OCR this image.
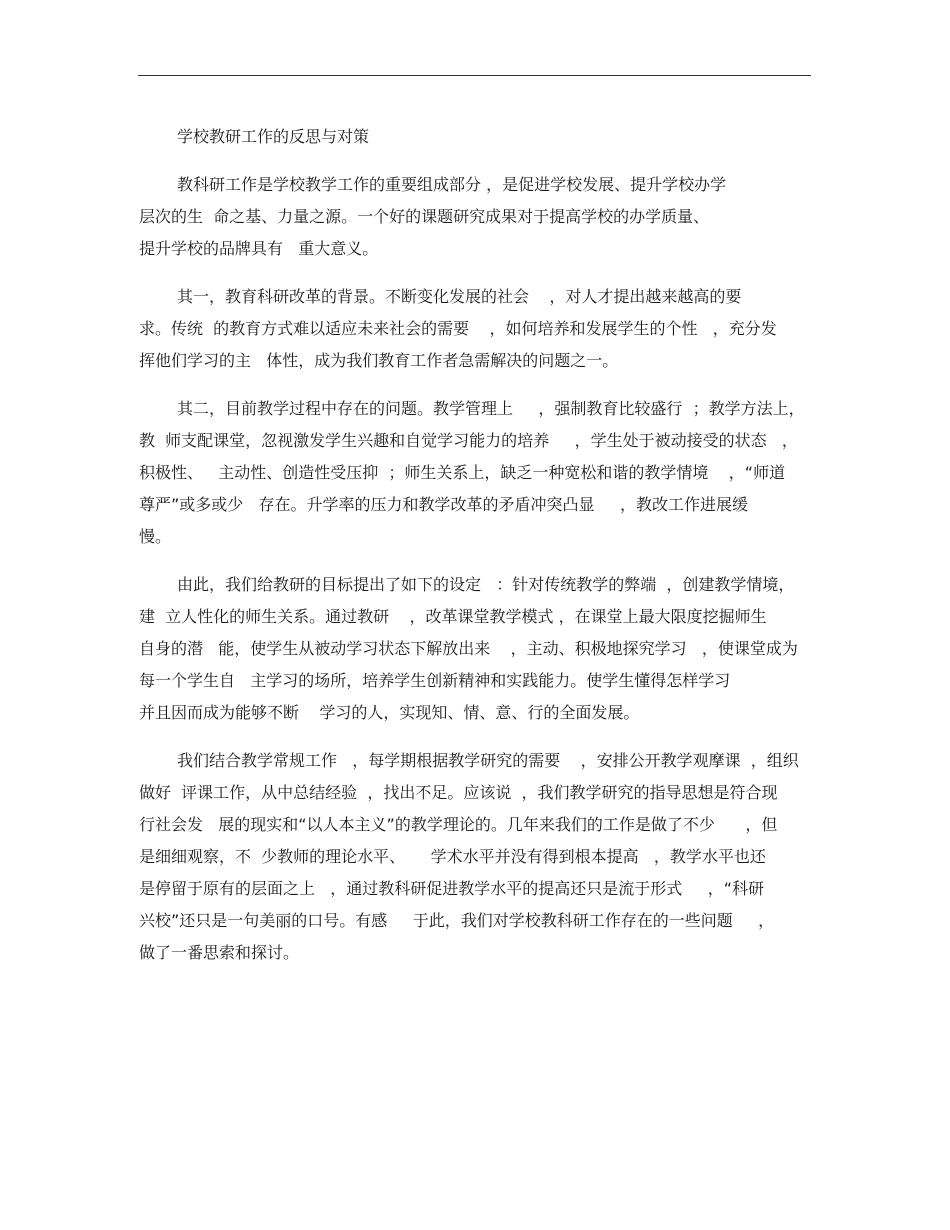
学校教研工作的反思与对策
教科研工作是学校教学工作的重要组成部分 ，是促进学校发展、提升学校办学
层次的生  命之基、力量之源。一个好的课题研究成果对于提高学校的办学质量、
提升学校的品牌具有   重大意义。
其一，教育科研改革的背景。不断变化发展的社会    ，对人才提出越来越高的要
求。传统  的教育方式难以适应未来社会的需要    ，如何培养和发展学生的个性   ，充分发
挥他们学习的主   体性，成为我们教育工作者急需解决的问题之一。
其二，目前教学过程中存在的问题。教学管理上     ，强制教育比较盛行  ；教学方法上，
教  师支配课堂，忽视激发学生兴趣和自觉学习能力的培养     ，学生处于被动接受的状态   ，
积极性、   主动性、创造性受压抑  ；师生关系上，缺乏一种宽松和谐的教学情境    ，“师道
尊严”或多或少   存在。升学率的压力和教学改革的矛盾冲突凸显     ，教改工作进展缓
慢。
由此，我们给教研的目标提出了如下的设定   ：针对传统教学的弊端  ，创建教学情境，
建  立人性化的师生关系。通过教研    ，改革课堂教学模式 ，在课堂上最大限度挖掘师生
自身的潜   能，使学生从被动学习状态下解放出来    ，主动、积极地探究学习   ，使课堂成为
每一个学生自   主学习的场所，培养学生创新精神和实践能力。使学生懂得怎样学习
并且因而成为能够不断    学习的人，实现知、情、意、行的全面发展。
我们结合教学常规工作   ，每学期根据教学研究的需要    ，安排公开教学观摩课  ，组织
做好  评课工作，从中总结经验  ，找出不足。应该说  ，我们教学研究的指导思想是符合现
行社会发   展的现实和“以人本主义”的教学理论的。几年来我们的工作是做了不少      ，但
是细细观察，不  少教师的理论水平、     学术水平并没有得到根本提高   ，教学水平也还
是停留于原有的层面之上   ，通过教科研促进教学水平的提高还只是流于形式     ，“科研
兴校”还只是一句美丽的口号。有感     于此，我们对学校教科研工作存在的一些问题     ，
做了一番思索和探讨。
